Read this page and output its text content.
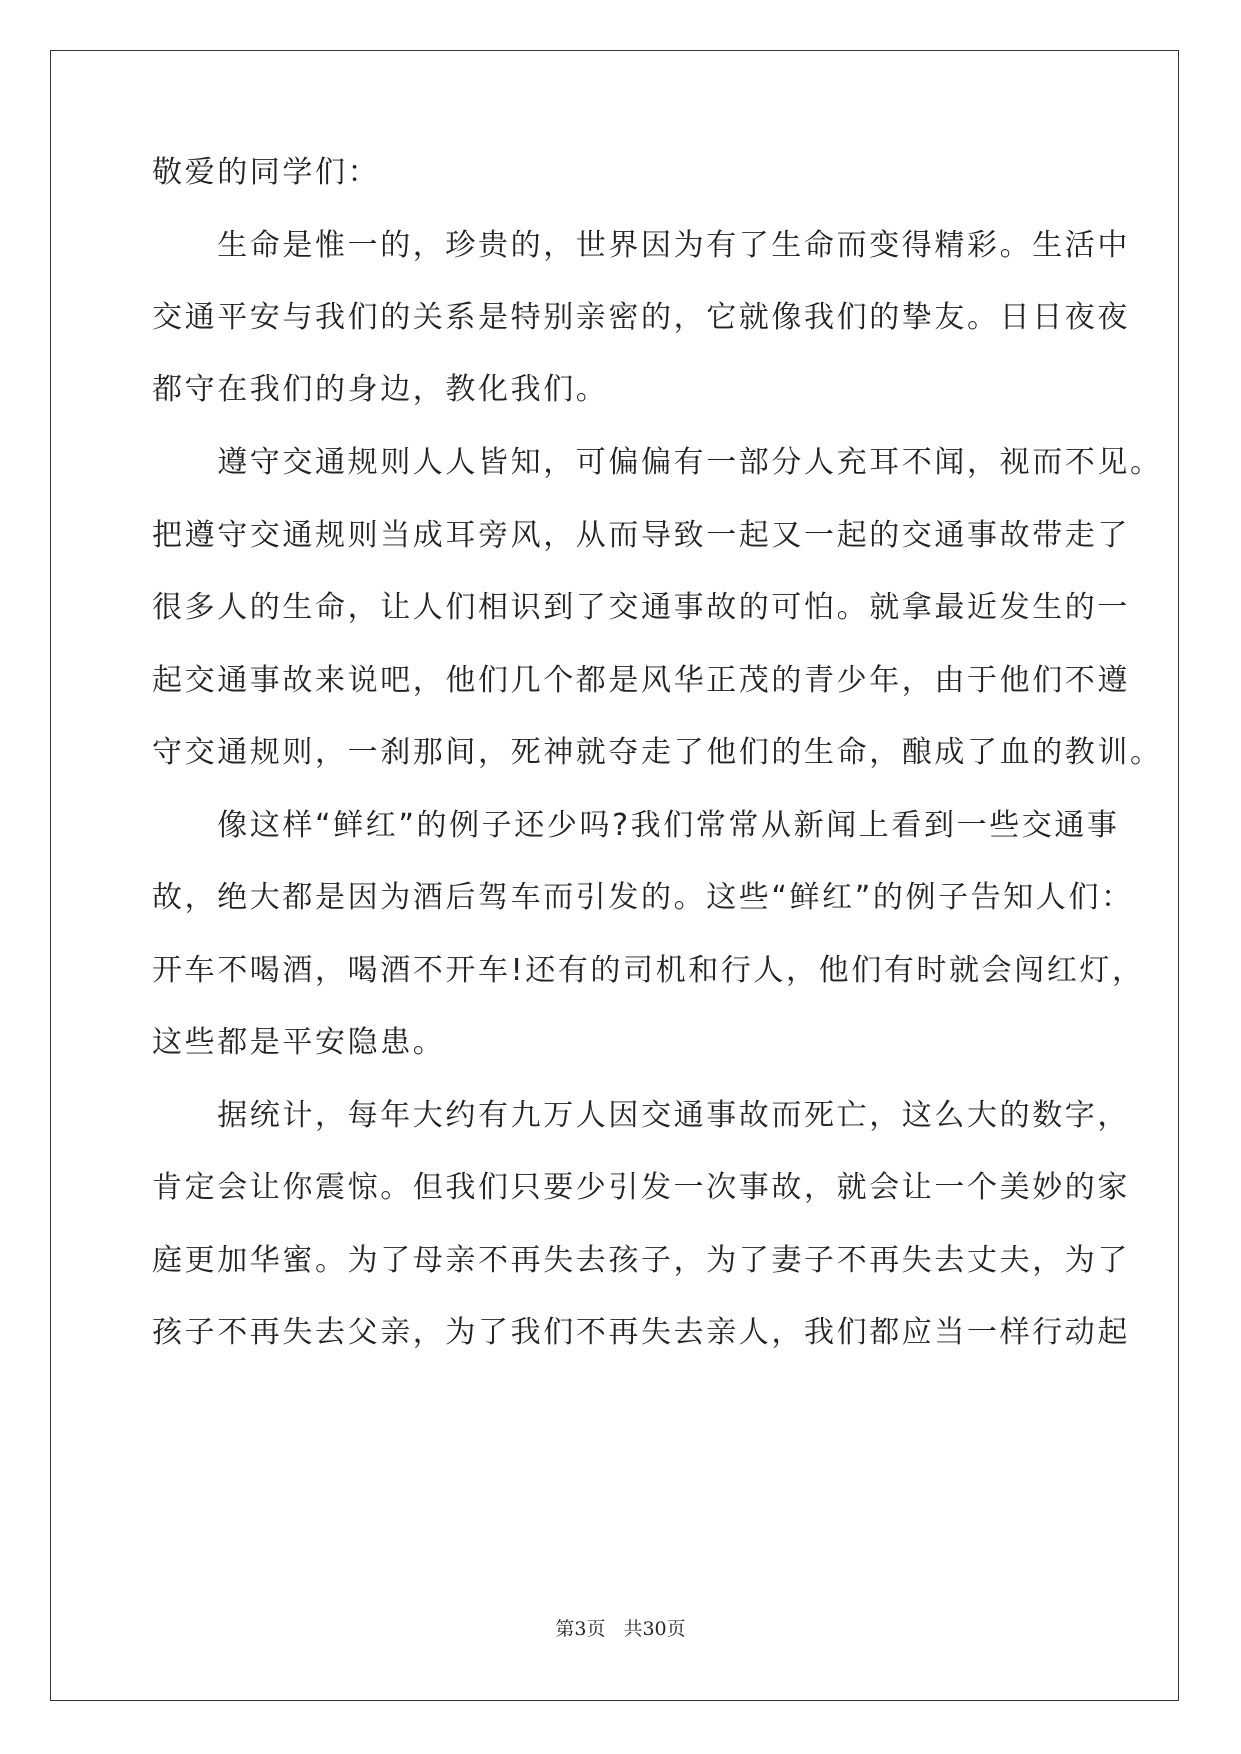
敬爱的同学们：
　　生命是惟一的，珍贵的，世界因为有了生命而变得精彩。生活中
交通平安与我们的关系是特别亲密的，它就像我们的挚友。日日夜夜
都守在我们的身边，教化我们。
　　遵守交通规则人人皆知，可偏偏有一部分人充耳不闻，视而不见。
把遵守交通规则当成耳旁风，从而导致一起又一起的交通事故带走了
很多人的生命，让人们相识到了交通事故的可怕。就拿最近发生的一
起交通事故来说吧，他们几个都是风华正茂的青少年，由于他们不遵
守交通规则，一刹那间，死神就夺走了他们的生命，酿成了血的教训。
　　像这样“鲜红”的例子还少吗?我们常常从新闻上看到一些交通事
故，绝大都是因为酒后驾车而引发的。这些“鲜红”的例子告知人们：
开车不喝酒，喝酒不开车!还有的司机和行人，他们有时就会闯红灯，
这些都是平安隐患。
　　据统计，每年大约有九万人因交通事故而死亡，这么大的数字，
肯定会让你震惊。但我们只要少引发一次事故，就会让一个美妙的家
庭更加华蜜。为了母亲不再失去孩子，为了妻子不再失去丈夫，为了
孩子不再失去父亲，为了我们不再失去亲人，我们都应当一样行动起
第3页 共30页
